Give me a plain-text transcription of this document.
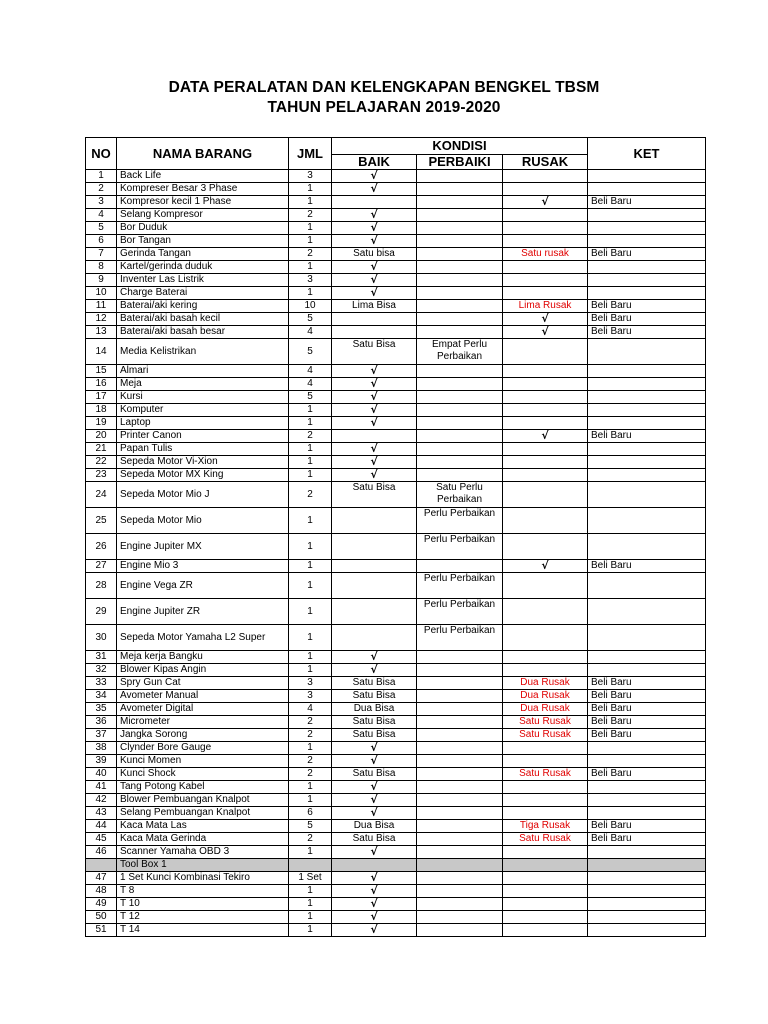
DATA PERALATAN DAN KELENGKAPAN BENGKEL TBSM
TAHUN PELAJARAN 2019-2020
NO	NAMA BARANG	JML	KONDISI			KET
			BAIK	PERBAIKI	RUSAK	
1	Back Life	3	√			
2	Kompreser Besar 3 Phase	1	√			
3	Kompresor kecil 1 Phase	1			√	Beli Baru
4	Selang Kompresor	2	√			
5	Bor Duduk	1	√			
6	Bor Tangan	1	√			
7	Gerinda Tangan	2	Satu bisa		Satu rusak	Beli Baru
8	Kartel/gerinda duduk	1	√			
9	Inventer Las Listrik	3	√			
10	Charge Baterai	1	√			
11	Baterai/aki kering	10	Lima Bisa		Lima Rusak	Beli Baru
12	Baterai/aki basah kecil	5			√	Beli Baru
13	Baterai/aki basah besar	4			√	Beli Baru
14	Media Kelistrikan	5	Satu Bisa	Empat Perlu Perbaikan		
15	Almari	4	√			
16	Meja	4	√			
17	Kursi	5	√			
18	Komputer	1	√			
19	Laptop	1	√			
20	Printer Canon	2			√	Beli Baru
21	Papan Tulis	1	√			
22	Sepeda Motor Vi-Xion	1	√			
23	Sepeda Motor MX King	1	√			
24	Sepeda Motor Mio J	2	Satu Bisa	Satu Perlu Perbaikan		
25	Sepeda Motor Mio	1		Perlu Perbaikan		
26	Engine Jupiter MX	1		Perlu Perbaikan		
27	Engine Mio 3	1			√	Beli Baru
28	Engine Vega ZR	1		Perlu Perbaikan		
29	Engine Jupiter ZR	1		Perlu Perbaikan		
30	Sepeda Motor Yamaha L2 Super	1		Perlu Perbaikan		
31	Meja kerja Bangku	1	√			
32	Blower Kipas Angin	1	√			
33	Spry Gun Cat	3	Satu Bisa		Dua Rusak	Beli Baru
34	Avometer Manual	3	Satu Bisa		Dua Rusak	Beli Baru
35	Avometer Digital	4	Dua Bisa		Dua Rusak	Beli Baru
36	Micrometer	2	Satu Bisa		Satu Rusak	Beli Baru
37	Jangka Sorong	2	Satu Bisa		Satu Rusak	Beli Baru
38	Clynder Bore Gauge	1	√			
39	Kunci Momen	2	√			
40	Kunci Shock	2	Satu Bisa		Satu Rusak	Beli Baru
41	Tang Potong Kabel	1	√			
42	Blower Pembuangan Knalpot	1	√			
43	Selang Pembuangan Knalpot	6	√			
44	Kaca Mata Las	5	Dua Bisa		Tiga Rusak	Beli Baru
45	Kaca Mata Gerinda	2	Satu Bisa		Satu Rusak	Beli Baru
46	Scanner Yamaha OBD 3	1	√			
	Tool Box 1					
47	1 Set Kunci Kombinasi Tekiro	1 Set	√			
48	T 8	1	√			
49	T 10	1	√			
50	T 12	1	√			
51	T 14	1	√			
